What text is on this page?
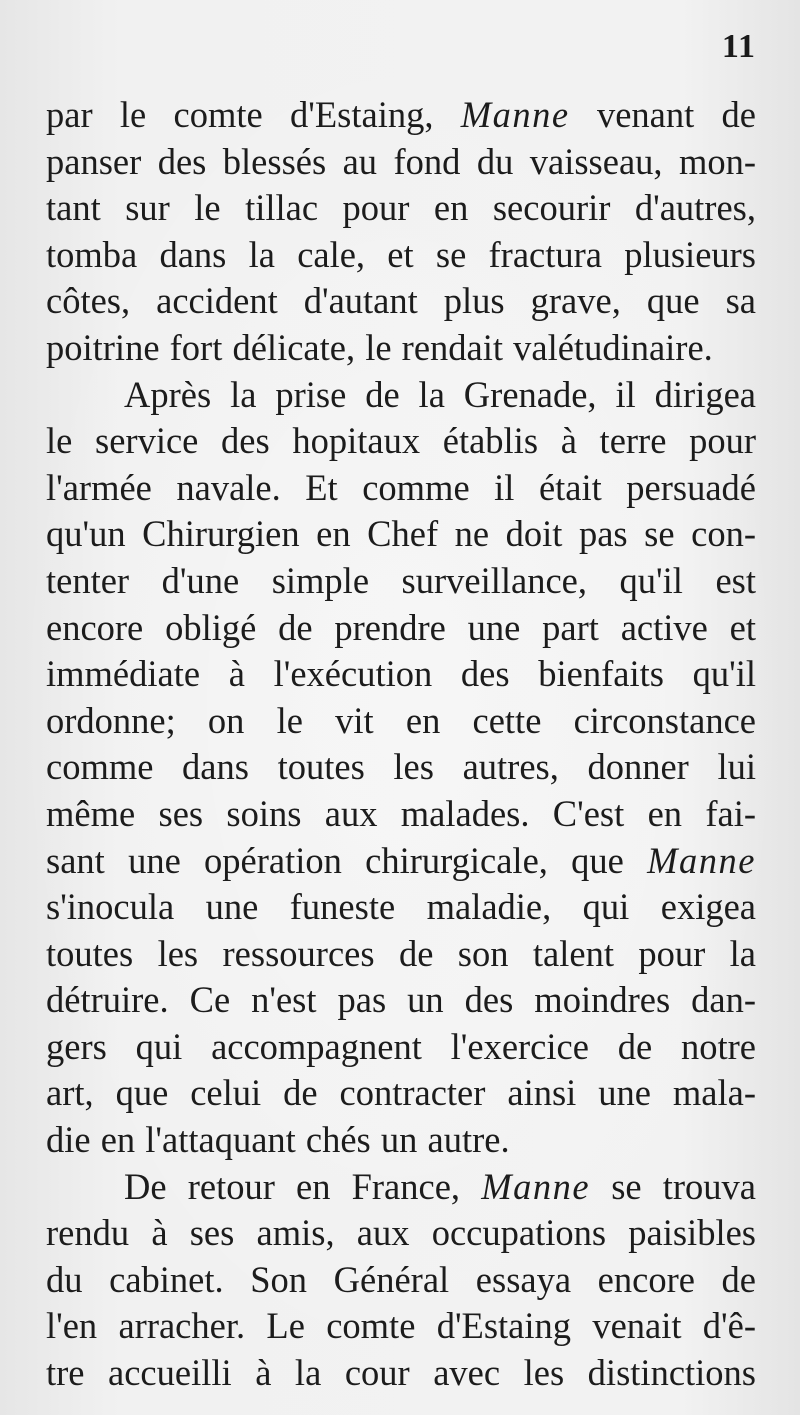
11
par le comte d'Estaing, Manne venant de
panser des blessés au fond du vaisseau, mon-
tant sur le tillac pour en secourir d'autres,
tomba dans la cale, et se fractura plusieurs
côtes, accident d'autant plus grave, que sa
poitrine fort délicate, le rendait valétudinaire.
Après la prise de la Grenade, il dirigea
le service des hopitaux établis à terre pour
l'armée navale. Et comme il était persuadé
qu'un Chirurgien en Chef ne doit pas se con-
tenter d'une simple surveillance, qu'il est
encore obligé de prendre une part active et
immédiate à l'exécution des bienfaits qu'il
ordonne; on le vit en cette circonstance
comme dans toutes les autres, donner lui
même ses soins aux malades. C'est en fai-
sant une opération chirurgicale, que Manne
s'inocula une funeste maladie, qui exigea
toutes les ressources de son talent pour la
détruire. Ce n'est pas un des moindres dan-
gers qui accompagnent l'exercice de notre
art, que celui de contracter ainsi une mala-
die en l'attaquant chés un autre.
De retour en France, Manne se trouva
rendu à ses amis, aux occupations paisibles
du cabinet. Son Général essaya encore de
l'en arracher. Le comte d'Estaing venait d'ê-
tre accueilli à la cour avec les distinctions
